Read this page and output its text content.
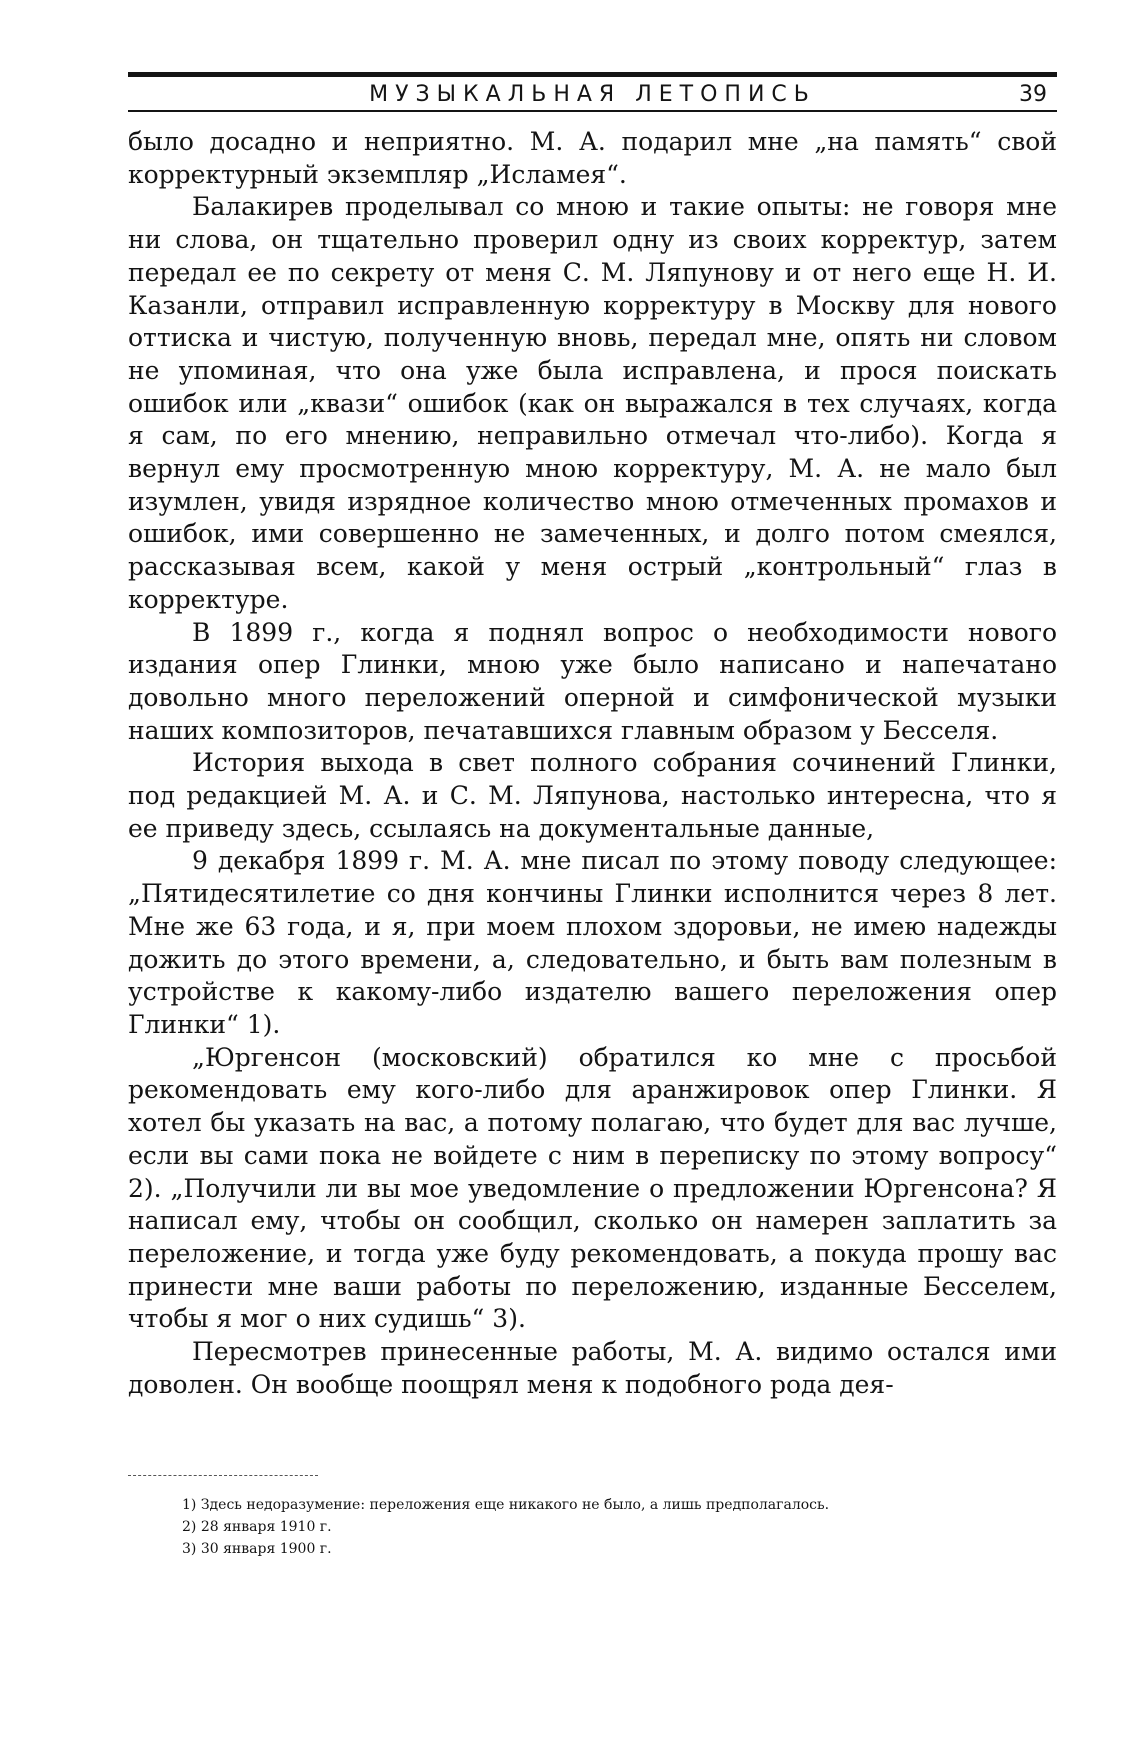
МУЗЫКАЛЬНАЯ ЛЕТОПИСЬ	39

было досадно и неприятно. М. А. подарил мне „на память“ свой корректурный экземпляр „Исламея“.

Балакирев проделывал со мною и такие опыты: не говоря мне ни слова, он тщательно проверил одну из своих корректур, затем передал ее по секрету от меня С. М. Ляпунову и от него еще Н. И. Казанли, отправил исправленную корректуру в Москву для нового оттиска и чистую, полученную вновь, передал мне, опять ни словом не упоминая, что она уже была исправлена, и прося поискать ошибок или „квази“ ошибок (как он выражался в тех случаях, когда я сам, по его мнению, неправильно отмечал что-либо). Когда я вернул ему просмотренную мною корректуру, М. А. не мало был изумлен, увидя изрядное количество мною отмеченных промахов и ошибок, ими совершенно не замеченных, и долго потом смеялся, рассказывая всем, какой у меня острый „контрольный“ глаз в корректуре.

В 1899 г., когда я поднял вопрос о необходимости нового издания опер Глинки, мною уже было написано и напечатано довольно много переложений оперной и симфонической музыки наших композиторов, печатавшихся главным образом у Бесселя.

История выхода в свет полного собрания сочинений Глинки, под редакцией М. А. и С. М. Ляпунова, настолько интересна, что я ее приведу здесь, ссылаясь на документальные данные,

9 декабря 1899 г. М. А. мне писал по этому поводу следующее: „Пятидесятилетие со дня кончины Глинки исполнится через 8 лет. Мне же 63 года, и я, при моем плохом здоровьи, не имею надежды дожить до этого времени, а, следовательно, и быть вам полезным в устройстве к какому-либо издателю вашего переложения опер Глинки“ 1).

„Юргенсон (московский) обратился ко мне с просьбой рекомендовать ему кого-либо для аранжировок опер Глинки. Я хотел бы указать на вас, а потому полагаю, что будет для вас лучше, если вы сами пока не войдете с ним в переписку по этому вопросу“ 2). „Получили ли вы мое уведомление о предложении Юргенсона? Я написал ему, чтобы он сообщил, сколько он намерен заплатить за переложение, и тогда уже буду рекомендовать, а покуда прошу вас принести мне ваши работы по переложению, изданные Бесселем, чтобы я мог о них судишь“ 3).

Пересмотрев принесенные работы, М. А. видимо остался ими доволен. Он вообще поощрял меня к подобного рода дея-

1) Здесь недоразумение: переложения еще никакого не было, а лишь предполагалось.
2) 28 января 1910 г.
3) 30 января 1900 г.
